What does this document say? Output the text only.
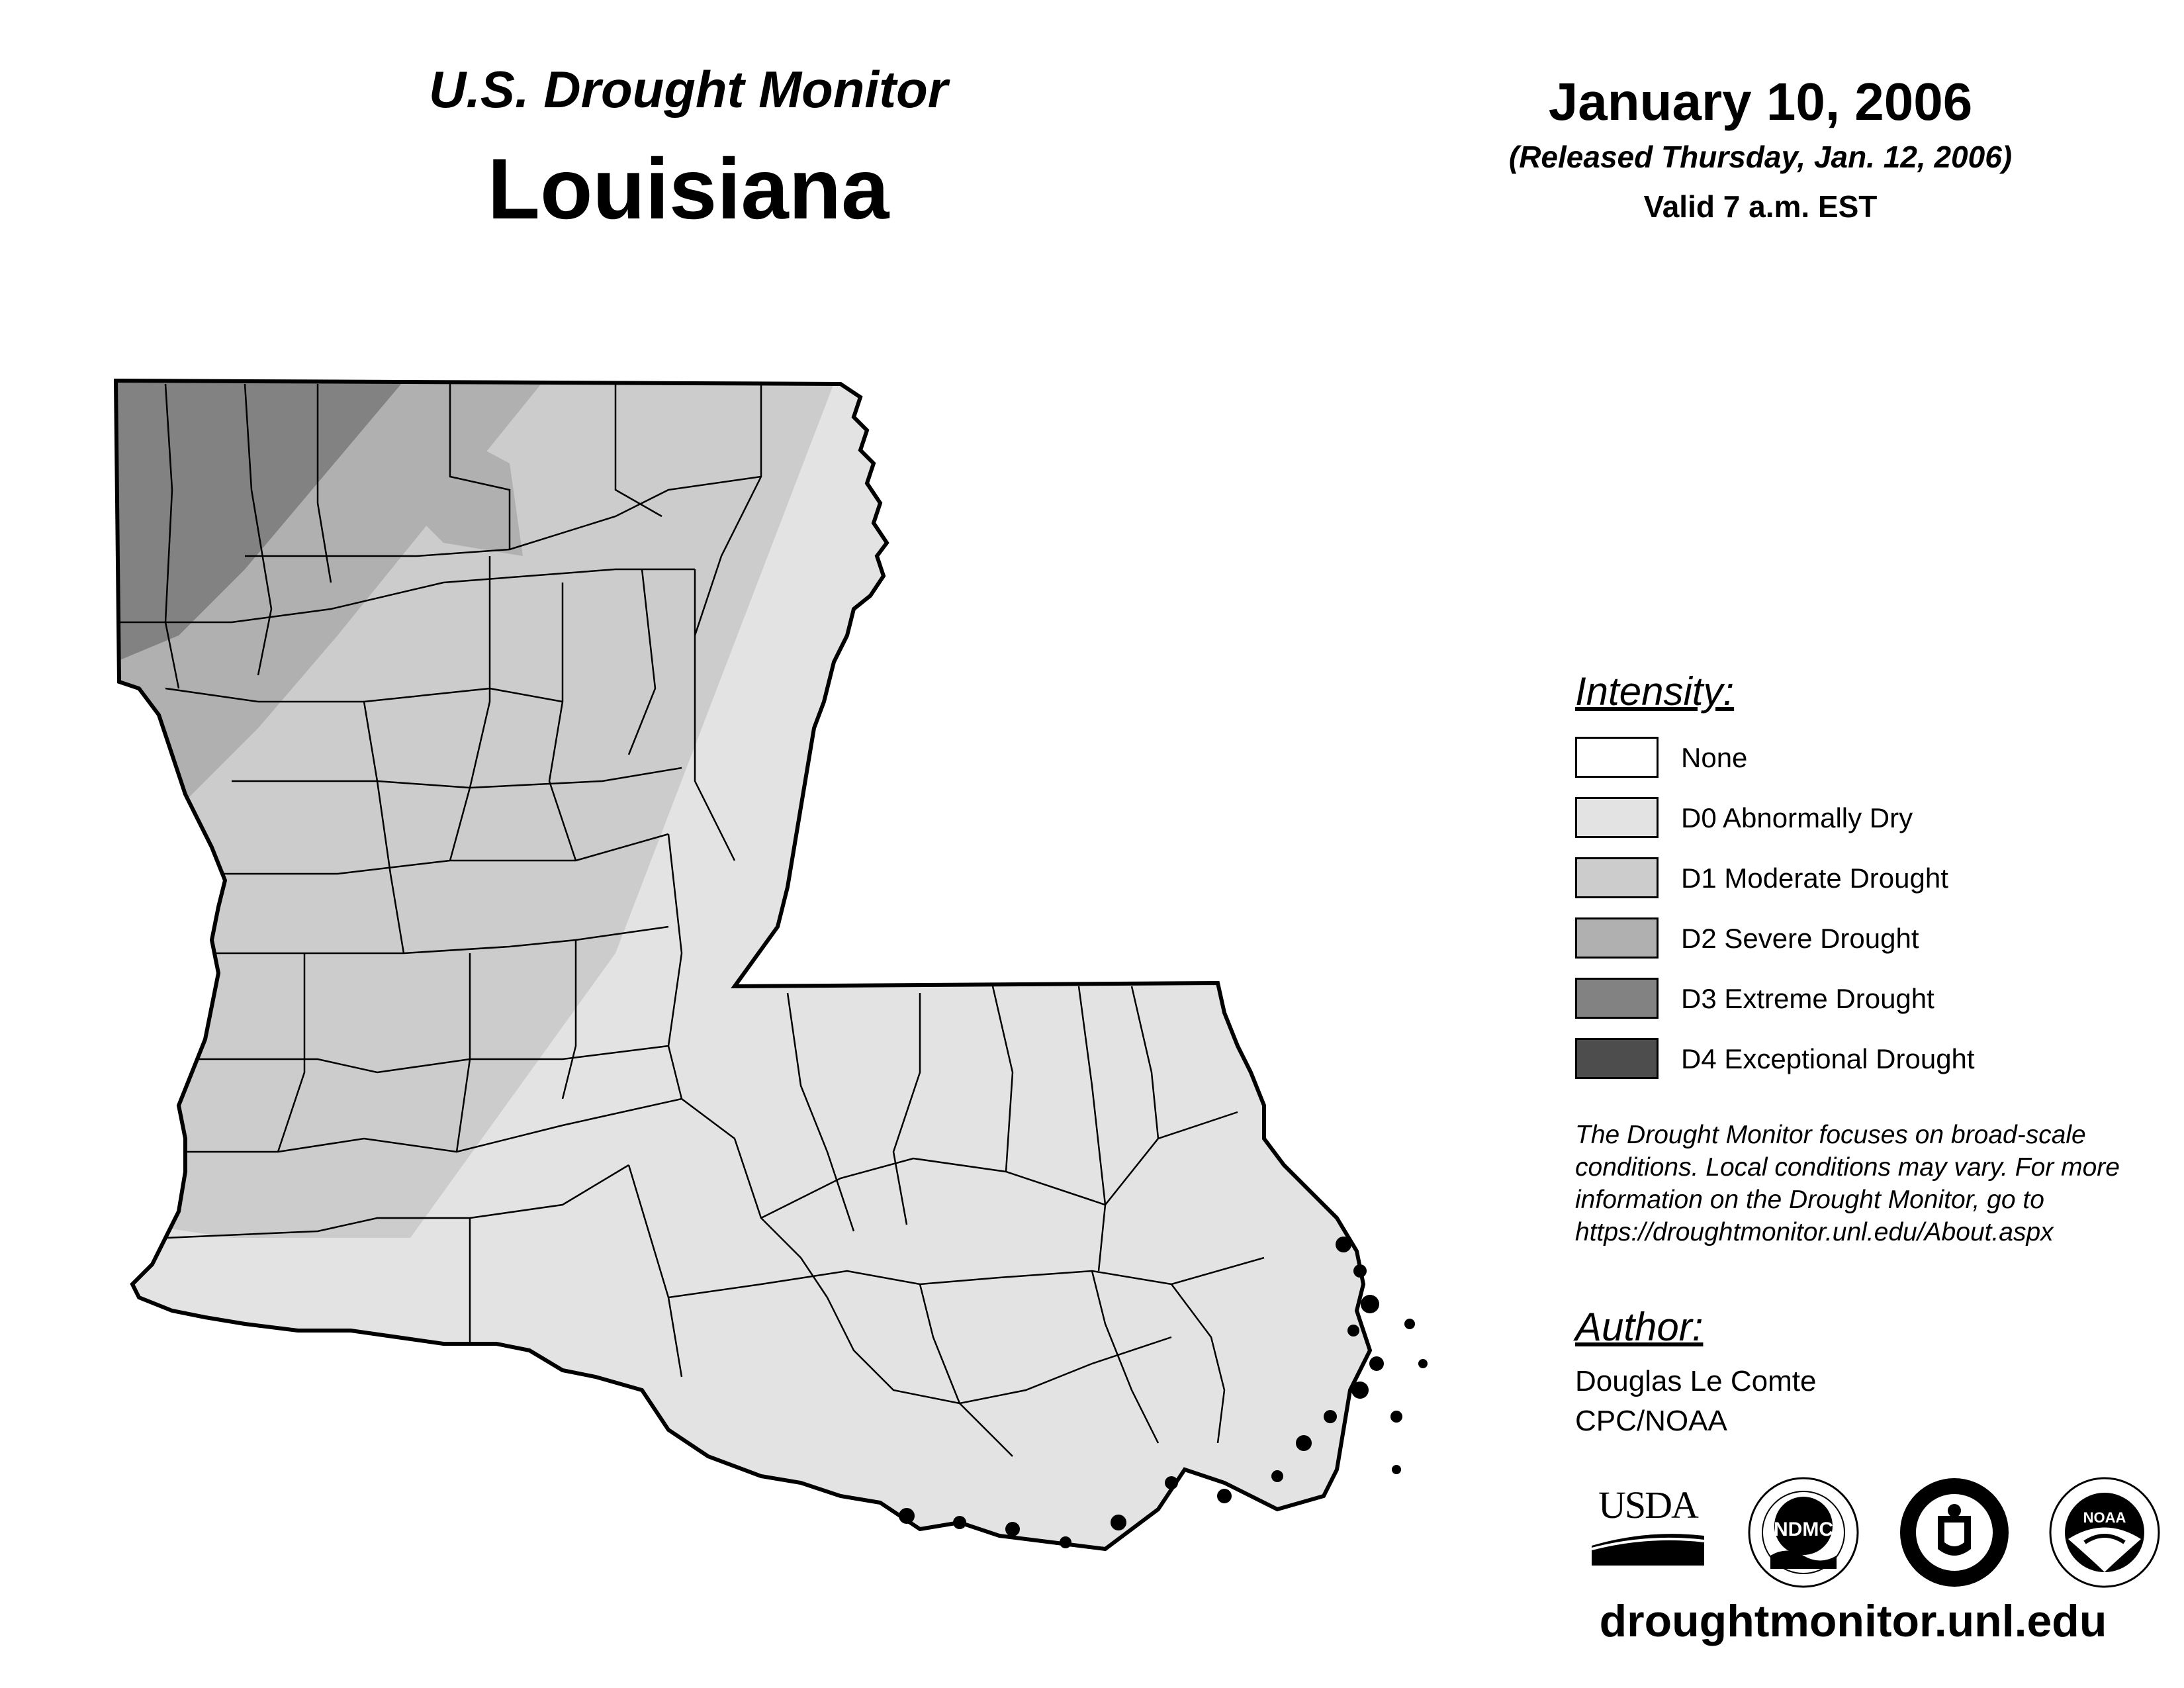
U.S. Drought Monitor
Louisiana
January 10, 2006
(Released Thursday, Jan. 12, 2006)
Valid 7 a.m. EST
Intensity:
None
D0 Abnormally Dry
D1 Moderate Drought
D2 Severe Drought
D3 Extreme Drought
D4 Exceptional Drought
The Drought Monitor focuses on broad-scale
conditions. Local conditions may vary. For more
information on the Drought Monitor, go to
https://droughtmonitor.unl.edu/About.aspx
Author:
Douglas Le Comte
CPC/NOAA
USDA
NDMC
NOAA
droughtmonitor.unl.edu
